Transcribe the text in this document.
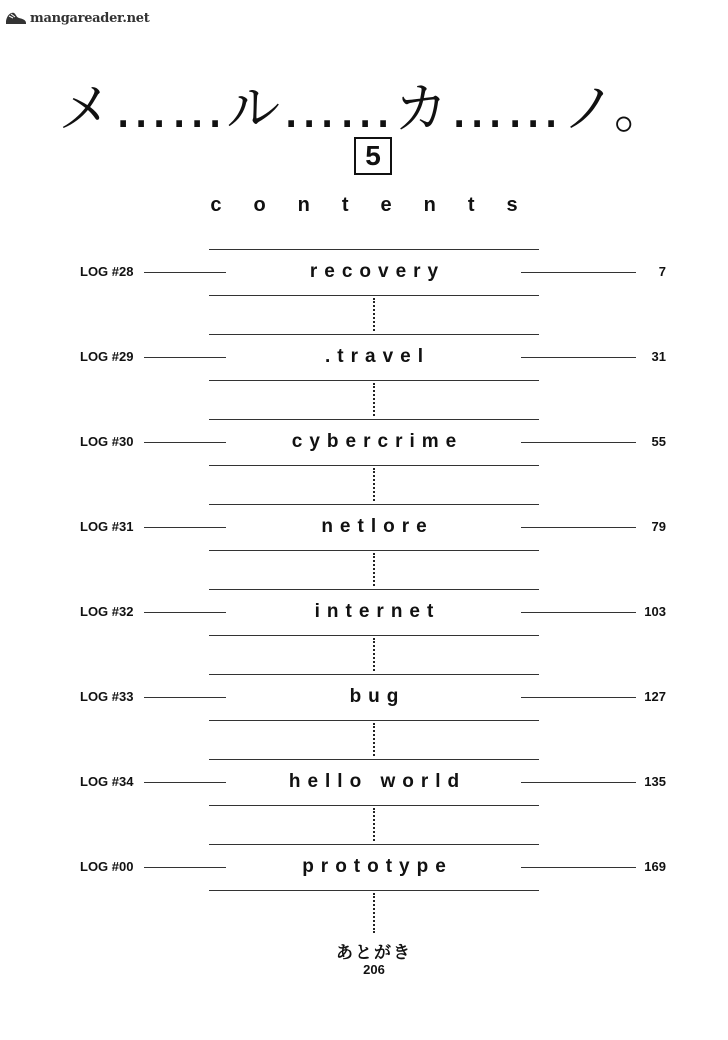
mangareader.net
メ……ル……カ……ノ。
5
contents
LOG #28	recovery	7
LOG #29	.travel	31
LOG #30	cybercrime	55
LOG #31	netlore	79
LOG #32	internet	103
LOG #33	bug	127
LOG #34	hello world	135
LOG #00	prototype	169
あとがき
206
